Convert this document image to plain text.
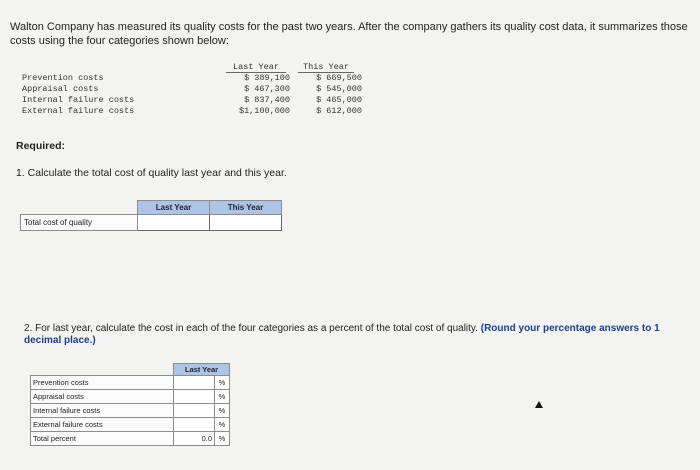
Walton Company has measured its quality costs for the past two years. After the company gathers its quality cost data, it summarizes those costs using the four categories shown below:
Last Year	This Year
Prevention costs	$ 389,100	$ 669,500
Appraisal costs	$ 467,300	$ 545,000
Internal failure costs	$ 837,400	$ 465,000
External failure costs	$1,100,000	$ 612,000
Required:
1. Calculate the total cost of quality last year and this year.
	Last Year	This Year
Total cost of quality		
2. For last year, calculate the cost in each of the four categories as a percent of the total cost of quality. (Round your percentage answers to 1 decimal place.)
	Last Year	
Prevention costs		%
Appraisal costs		%
Internal failure costs		%
External failure costs		%
Total percent	0.0	%
